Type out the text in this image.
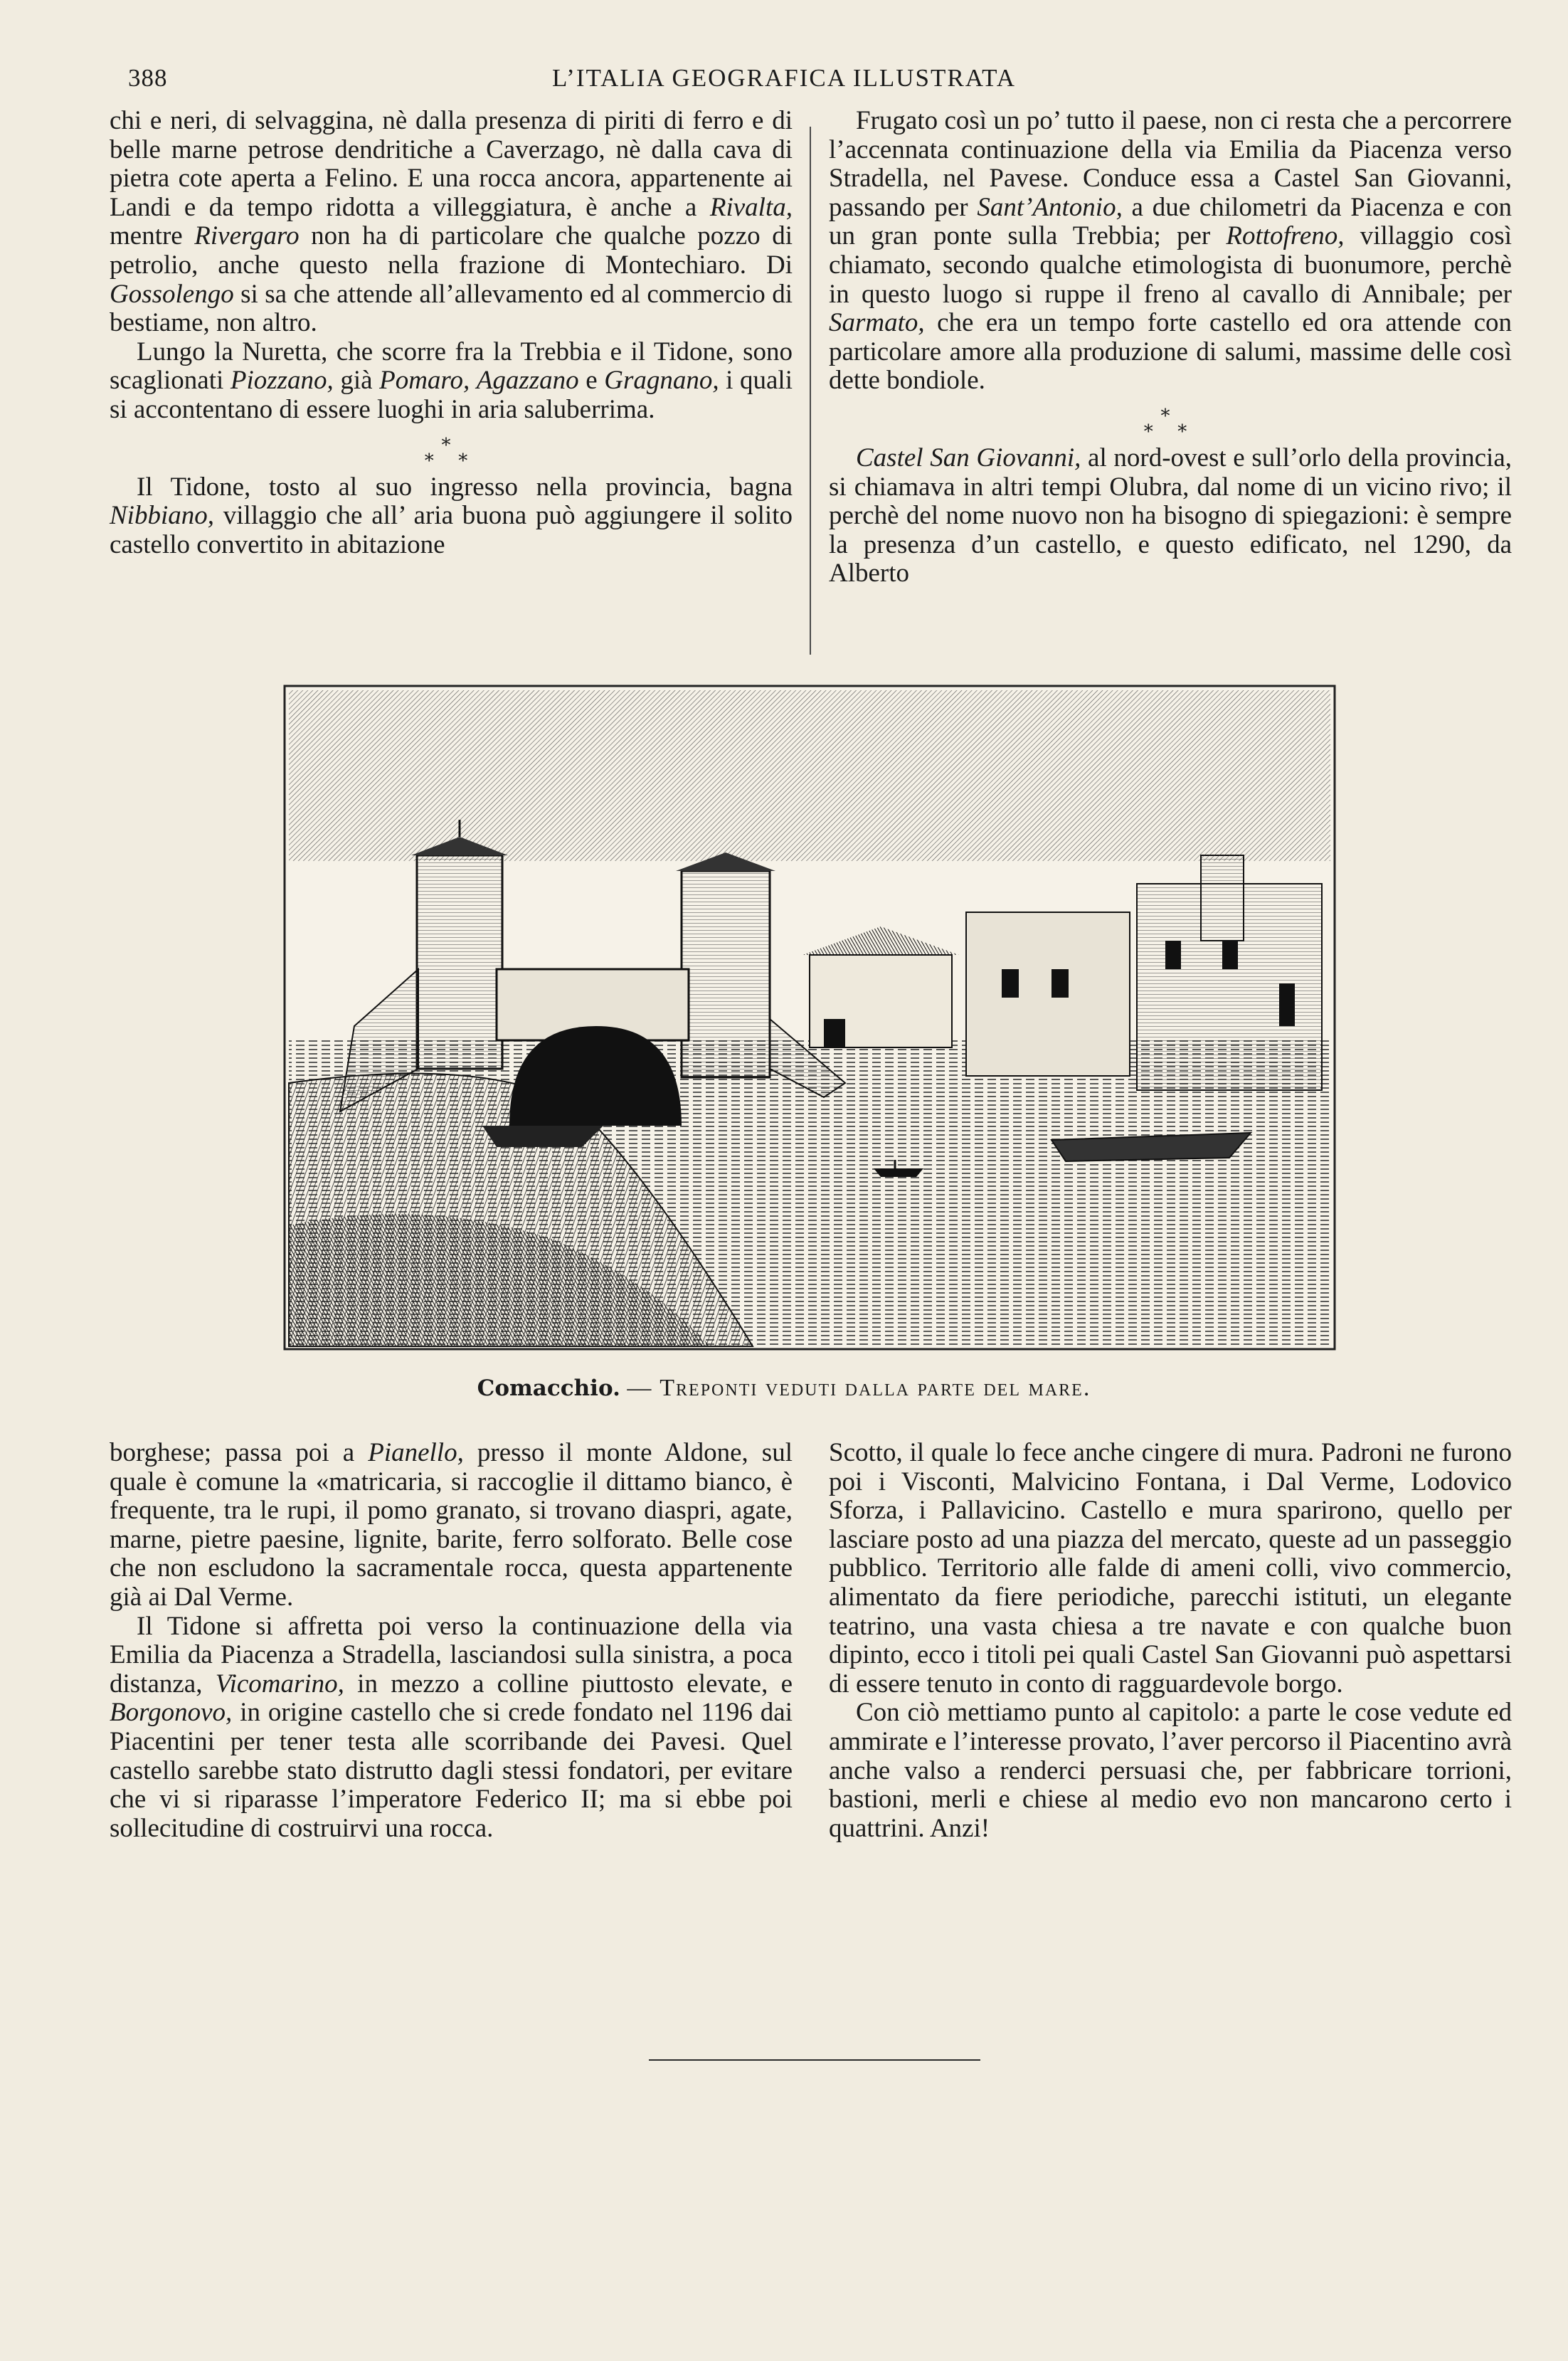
388	L’ITALIA GEOGRAFICA ILLUSTRATA

chi e neri, di selvaggina, nè dalla presenza di piriti di ferro e di belle marne petrose dendritiche a Caverzago, nè dalla cava di pietra cote aperta a Felino. E una rocca ancora, appartenente ai Landi e da tempo ridotta a villeggiatura, è anche a Rivalta, mentre Rivergaro non ha di particolare che qualche pozzo di petrolio, anche questo nella frazione di Montechiaro. Di Gossolengo si sa che attende all’allevamento ed al commercio di bestiame, non altro.

Lungo la Nuretta, che scorre fra la Trebbia e il Tidone, sono scaglionati Piozzano, già Pomaro, Agazzano e Gragnano, i quali si accontentano di essere luoghi in aria saluberrima.

⁎
⁎ ⁎

Il Tidone, tosto al suo ingresso nella provincia, bagna Nibbiano, villaggio che all’ aria buona può aggiungere il solito castello convertito in abitazione

Frugato così un po’ tutto il paese, non ci resta che a percorrere l’accennata continuazione della via Emilia da Piacenza verso Stradella, nel Pavese. Conduce essa a Castel San Giovanni, passando per Sant’Antonio, a due chilometri da Piacenza e con un gran ponte sulla Trebbia; per Rottofreno, villaggio così chiamato, secondo qualche etimologista di buonumore, perchè in questo luogo si ruppe il freno al cavallo di Annibale; per Sarmato, che era un tempo forte castello ed ora attende con particolare amore alla produzione di salumi, massime delle così dette bondiole.

⁎
⁎ ⁎

Castel San Giovanni, al nord-ovest e sull’orlo della provincia, si chiamava in altri tempi Olubra, dal nome di un vicino rivo; il perchè del nome nuovo non ha bisogno di spiegazioni: è sempre la presenza d’un castello, e questo edificato, nel 1290, da Alberto

Comacchio. — Treponti veduti dalla parte del mare.

borghese; passa poi a Pianello, presso il monte Aldone, sul quale è comune la «matricaria, si raccoglie il dittamo bianco, è frequente, tra le rupi, il pomo granato, si trovano diaspri, agate, marne, pietre paesine, lignite, barite, ferro solforato. Belle cose che non escludono la sacramentale rocca, questa appartenente già ai Dal Verme.

Il Tidone si affretta poi verso la continuazione della via Emilia da Piacenza a Stradella, lasciandosi sulla sinistra, a poca distanza, Vicomarino, in mezzo a colline piuttosto elevate, e Borgonovo, in origine castello che si crede fondato nel 1196 dai Piacentini per tener testa alle scorribande dei Pavesi. Quel castello sarebbe stato distrutto dagli stessi fondatori, per evitare che vi si riparasse l’imperatore Federico II; ma si ebbe poi sollecitudine di costruirvi una rocca.

Scotto, il quale lo fece anche cingere di mura. Padroni ne furono poi i Visconti, Malvicino Fontana, i Dal Verme, Lodovico Sforza, i Pallavicino. Castello e mura sparirono, quello per lasciare posto ad una piazza del mercato, queste ad un passeggio pubblico. Territorio alle falde di ameni colli, vivo commercio, alimentato da fiere periodiche, parecchi istituti, un elegante teatrino, una vasta chiesa a tre navate e con qualche buon dipinto, ecco i titoli pei quali Castel San Giovanni può aspettarsi di essere tenuto in conto di ragguardevole borgo.

Con ciò mettiamo punto al capitolo: a parte le cose vedute ed ammirate e l’interesse provato, l’aver percorso il Piacentino avrà anche valso a renderci persuasi che, per fabbricare torrioni, bastioni, merli e chiese al medio evo non mancarono certo i quattrini. Anzi!
